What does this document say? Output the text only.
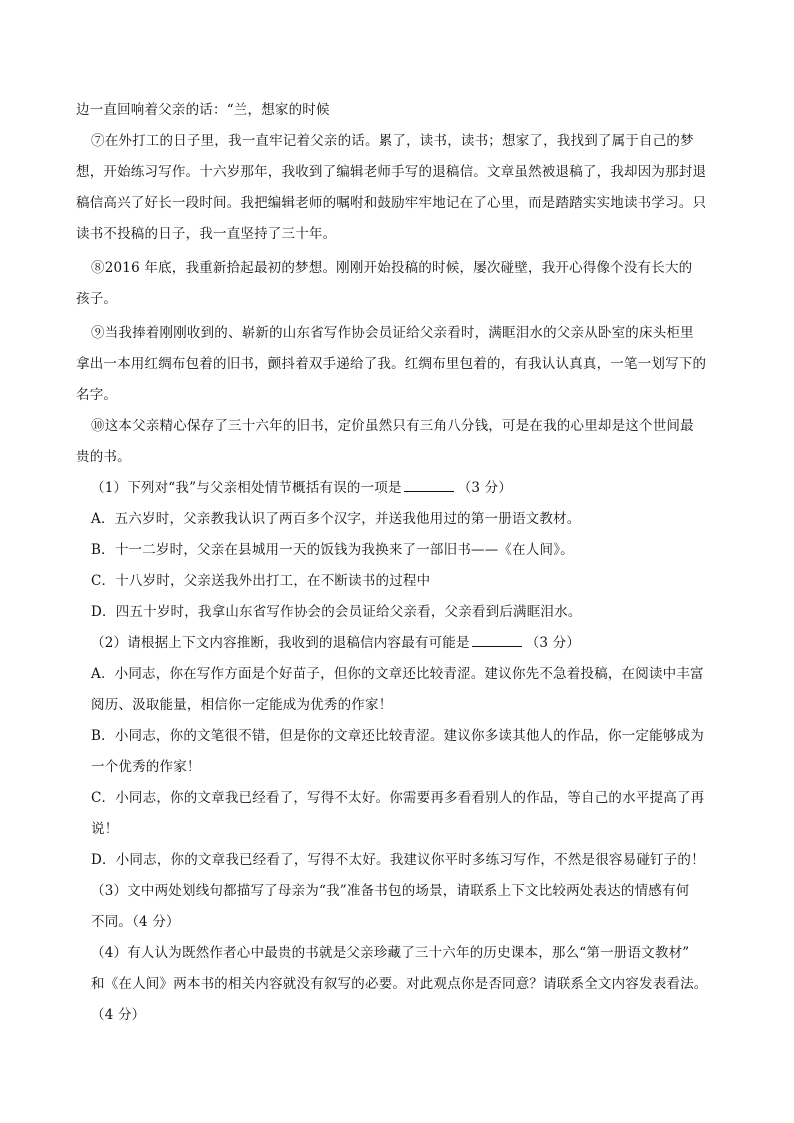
边一直回响着父亲的话：“兰，想家的时候
⑦在外打工的日子里，我一直牢记着父亲的话。累了，读书，读书；想家了，我找到了属于自己的梦
想，开始练习写作。十六岁那年，我收到了编辑老师手写的退稿信。文章虽然被退稿了，我却因为那封退
稿信高兴了好长一段时间。我把编辑老师的嘱咐和鼓励牢牢地记在了心里，而是踏踏实实地读书学习。只
读书不投稿的日子，我一直坚持了三十年。
⑧2016 年底，我重新拾起最初的梦想。刚刚开始投稿的时候，屡次碰壁，我开心得像个没有长大的
孩子。
⑨当我捧着刚刚收到的、崭新的山东省写作协会员证给父亲看时，满眶泪水的父亲从卧室的床头柜里
拿出一本用红绸布包着的旧书，颤抖着双手递给了我。红绸布里包着的，有我认认真真，一笔一划写下的
名字。
⑩这本父亲精心保存了三十六年的旧书，定价虽然只有三角八分钱，可是在我的心里却是这个世间最
贵的书。
（1）下列对“我”与父亲相处情节概括有误的一项是	（3 分）
A．五六岁时，父亲教我认识了两百多个汉字，并送我他用过的第一册语文教材。
B．十一二岁时，父亲在县城用一天的饭钱为我换来了一部旧书——《在人间》。
C．十八岁时，父亲送我外出打工，在不断读书的过程中
D．四五十岁时，我拿山东省写作协会的会员证给父亲看，父亲看到后满眶泪水。
（2）请根据上下文内容推断，我收到的退稿信内容最有可能是	（3 分）
A．小同志，你在写作方面是个好苗子，但你的文章还比较青涩。建议你先不急着投稿，在阅读中丰富
阅历、汲取能量，相信你一定能成为优秀的作家！
B．小同志，你的文笔很不错，但是你的文章还比较青涩。建议你多读其他人的作品，你一定能够成为
一个优秀的作家！
C．小同志，你的文章我已经看了，写得不太好。你需要再多看看别人的作品，等自己的水平提高了再
说！
D．小同志，你的文章我已经看了，写得不太好。我建议你平时多练习写作，不然是很容易碰钉子的！
（3）文中两处划线句都描写了母亲为“我”准备书包的场景，请联系上下文比较两处表达的情感有何
不同。（4 分）
（4）有人认为既然作者心中最贵的书就是父亲珍藏了三十六年的历史课本，那么“第一册语文教材”
和《在人间》两本书的相关内容就没有叙写的必要。对此观点你是否同意？请联系全文内容发表看法。
（4 分）
